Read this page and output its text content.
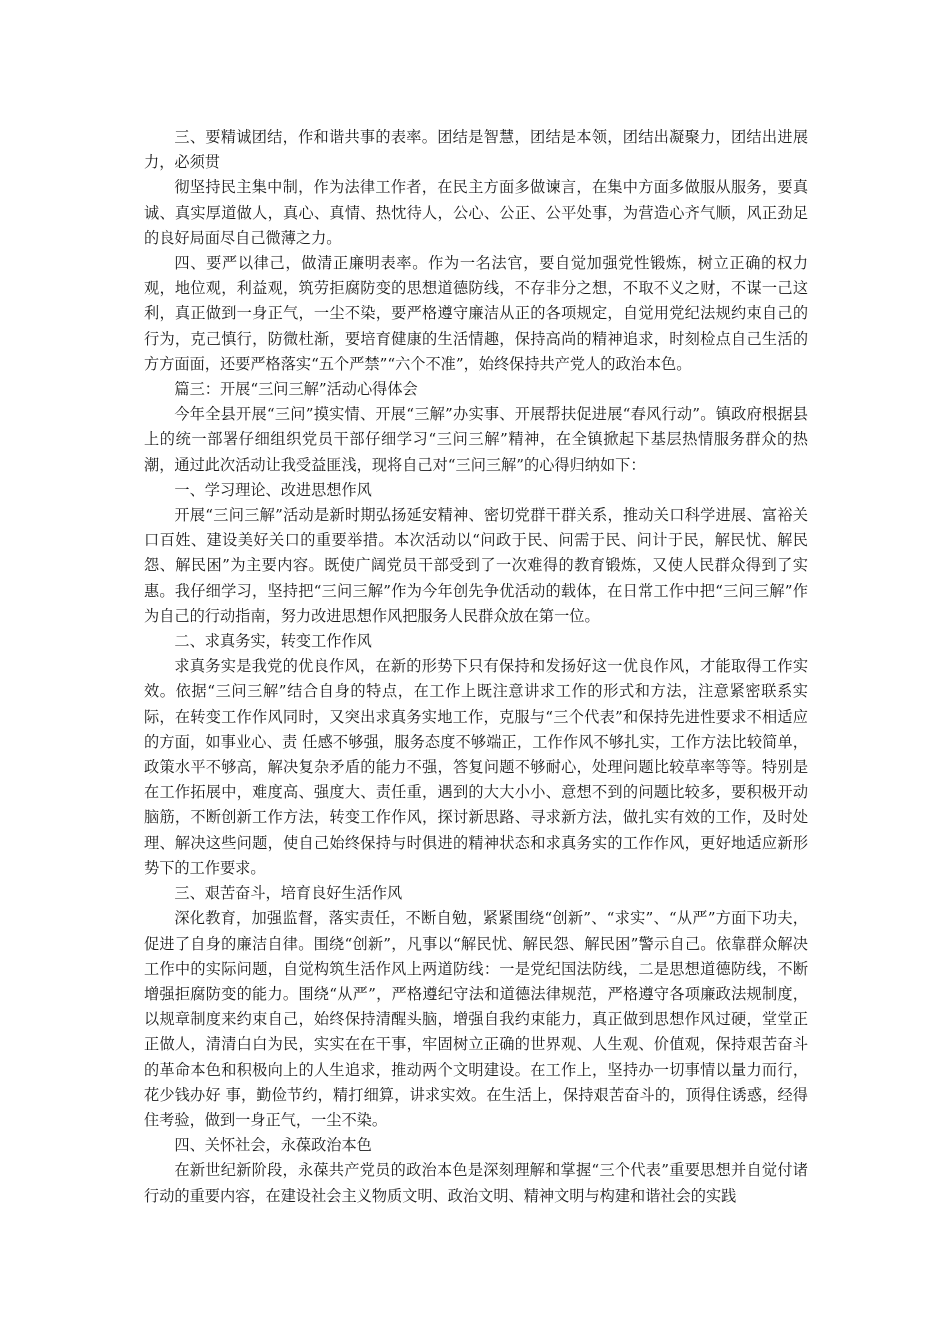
三、要精诚团结，作和谐共事的表率。团结是智慧，团结是本领，团结出凝聚力，团结出进展力，必须贯

彻坚持民主集中制，作为法律工作者，在民主方面多做谏言，在集中方面多做服从服务，要真诚、真实厚道做人，真心、真情、热忱待人，公心、公正、公平处事，为营造心齐气顺，风正劲足的良好局面尽自己微薄之力。

四、要严以律己，做清正廉明表率。作为一名法官，要自觉加强党性锻炼，树立正确的权力观，地位观，利益观，筑劳拒腐防变的思想道德防线，不存非分之想，不取不义之财，不谋一己这利，真正做到一身正气，一尘不染，要严格遵守廉洁从正的各项规定，自觉用党纪法规约束自己的行为，克己慎行，防微杜渐，要培育健康的生活情趣，保持高尚的精神追求，时刻检点自己生活的方方面面，还要严格落实“五个严禁”“六个不准”，始终保持共产党人的政治本色。

篇三：开展“三问三解”活动心得体会

今年全县开展“三问”摸实情、开展“三解”办实事、开展帮扶促进展“春风行动”。镇政府根据县上的统一部署仔细组织党员干部仔细学习“三问三解”精神，在全镇掀起下基层热情服务群众的热潮，通过此次活动让我受益匪浅，现将自己对“三问三解”的心得归纳如下：

一、学习理论、改进思想作风

开展“三问三解”活动是新时期弘扬延安精神、密切党群干群关系，推动关口科学进展、富裕关口百姓、建设美好关口的重要举措。本次活动以“问政于民、问需于民、问计于民，解民忧、解民怨、解民困”为主要内容。既使广阔党员干部受到了一次难得的教育锻炼，又使人民群众得到了实惠。我仔细学习，坚持把“三问三解”作为今年创先争优活动的载体，在日常工作中把“三问三解”作为自己的行动指南，努力改进思想作风把服务人民群众放在第一位。

二、求真务实，转变工作作风

求真务实是我党的优良作风，在新的形势下只有保持和发扬好这一优良作风，才能取得工作实效。依据“三问三解”结合自身的特点，在工作上既注意讲求工作的形式和方法，注意紧密联系实际，在转变工作作风同时，又突出求真务实地工作，克服与“三个代表”和保持先进性要求不相适应的方面，如事业心、责 任感不够强，服务态度不够端正，工作作风不够扎实，工作方法比较简单，政策水平不够高，解决复杂矛盾的能力不强，答复问题不够耐心，处理问题比较草率等等。特别是在工作拓展中，难度高、强度大、责任重，遇到的大大小小、意想不到的问题比较多，要积极开动脑筋，不断创新工作方法，转变工作作风，探讨新思路、寻求新方法，做扎实有效的工作，及时处理、解决这些问题，使自己始终保持与时俱进的精神状态和求真务实的工作作风，更好地适应新形势下的工作要求。

三、艰苦奋斗，培育良好生活作风

深化教育，加强监督，落实责任，不断自勉，紧紧围绕“创新”、“求实”、“从严”方面下功夫，促进了自身的廉洁自律。围绕“创新”，凡事以“解民忧、解民怨、解民困”警示自己。依靠群众解决工作中的实际问题，自觉构筑生活作风上两道防线：一是党纪国法防线，二是思想道德防线，不断增强拒腐防变的能力。围绕“从严”，严格遵纪守法和道德法律规范，严格遵守各项廉政法规制度，以规章制度来约束自己，始终保持清醒头脑，增强自我约束能力，真正做到思想作风过硬，堂堂正正做人，清清白白为民，实实在在干事，牢固树立正确的世界观、人生观、价值观，保持艰苦奋斗的革命本色和积极向上的人生追求，推动两个文明建设。在工作上，坚持办一切事情以量力而行，花少钱办好 事，勤俭节约，精打细算，讲求实效。在生活上，保持艰苦奋斗的，顶得住诱惑，经得住考验，做到一身正气，一尘不染。

四、关怀社会，永葆政治本色

在新世纪新阶段，永葆共产党员的政治本色是深刻理解和掌握“三个代表”重要思想并自觉付诸行动的重要内容，在建设社会主义物质文明、政治文明、精神文明与构建和谐社会的实践
